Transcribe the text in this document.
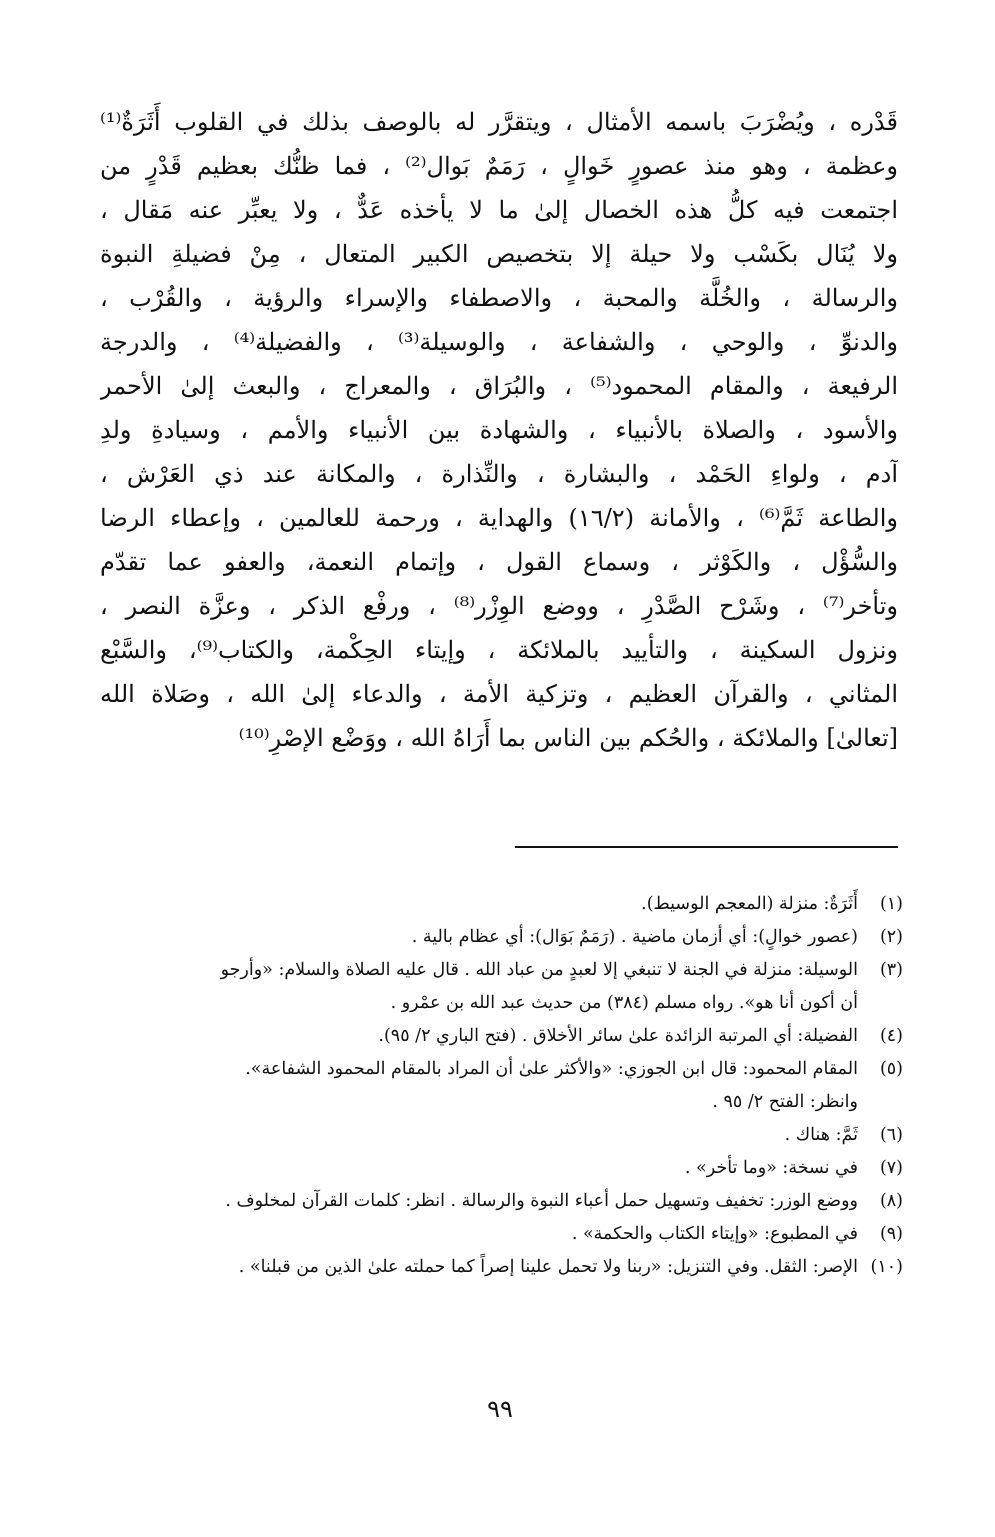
قَدْره ، ويُضْرَبَ باسمه الأمثال ، ويتقرَّر له بالوصف بذلك في القلوب أَثَرَةٌ⁽¹⁾
وعظمة ، وهو منذ عصورٍ خَوالٍ ، رَمَمٌ بَوال⁽²⁾ ، فما ظنُّك بعظيم قَدْرٍ من
اجتمعت فيه كلُّ هذه الخصال إلىٰ ما لا يأخذه عَدٌّ ، ولا يعبِّر عنه مَقال ،
ولا يُنَال بكَسْب ولا حيلة إلا بتخصيص الكبير المتعال ، مِنْ فضيلةِ النبوة
والرسالة ، والخُلَّة والمحبة ، والاصطفاء والإسراء والرؤية ، والقُرْب ،
والدنوِّ ، والوحي ، والشفاعة ، والوسيلة⁽³⁾ ، والفضيلة⁽⁴⁾ ، والدرجة
الرفيعة ، والمقام المحمود⁽⁵⁾ ، والبُرَاق ، والمعراج ، والبعث إلىٰ الأحمر
والأسود ، والصلاة بالأنبياء ، والشهادة بين الأنبياء والأمم ، وسيادةِ ولدِ
آدم ، ولواءِ الحَمْد ، والبشارة ، والنِّذارة ، والمكانة عند ذي العَرْش ،
والطاعة ثَمَّ⁽⁶⁾ ، والأمانة (١٦/٢) والهداية ، ورحمة للعالمين ، وإعطاء الرضا
والسُّؤْل ، والكَوْثر ، وسماع القول ، وإتمام النعمة، والعفو عما تقدّم
وتأخر⁽⁷⁾ ، وشَرْح الصَّدْرِ ، ووضع الوِزْر⁽⁸⁾ ، ورفْع الذكر ، وعزَّة النصر ،
ونزول السكينة ، والتأييد بالملائكة ، وإيتاء الحِكْمة، والكتاب⁽⁹⁾، والسَّبْع
المثاني ، والقرآن العظيم ، وتزكية الأمة ، والدعاء إلىٰ الله ، وصَلاة الله
[تعالىٰ] والملائكة ، والحُكم بين الناس بما أَرَاهُ الله ، ووَضْع الإصْرِ⁽¹⁰⁾
(١)
أَثَرَةٌ: منزلة (المعجم الوسيط).
(٢)
(عصور خوالٍ): أي أزمان ماضية . (رَمَمٌ بَوَال): أي عظام بالية .
(٣)
الوسيلة: منزلة في الجنة لا تنبغي إلا لعبدٍ من عباد الله . قال عليه الصلاة والسلام: «وأرجو
أن أكون أنا هو». رواه مسلم (٣٨٤) من حديث عبد الله بن عمْرو .
(٤)
الفضيلة: أي المرتبة الزائدة علىٰ سائر الأخلاق . (فتح الباري ٢/ ٩٥).
(٥)
المقام المحمود: قال ابن الجوزي: «والأكثر علىٰ أن المراد بالمقام المحمود الشفاعة».
وانظر: الفتح ٢/ ٩٥ .
(٦)
ثَمَّ: هناك .
(٧)
في نسخة: «وما تأخر» .
(٨)
ووضع الوزر: تخفيف وتسهيل حمل أعباء النبوة والرسالة . انظر: كلمات القرآن لمخلوف .
(٩)
في المطبوع: «وإيتاء الكتاب والحكمة» .
(١٠)
الإصر: الثقل. وفي التنزيل: «ربنا ولا تحمل علينا إصراً كما حملته علىٰ الذين من قبلنا» .
٩٩
